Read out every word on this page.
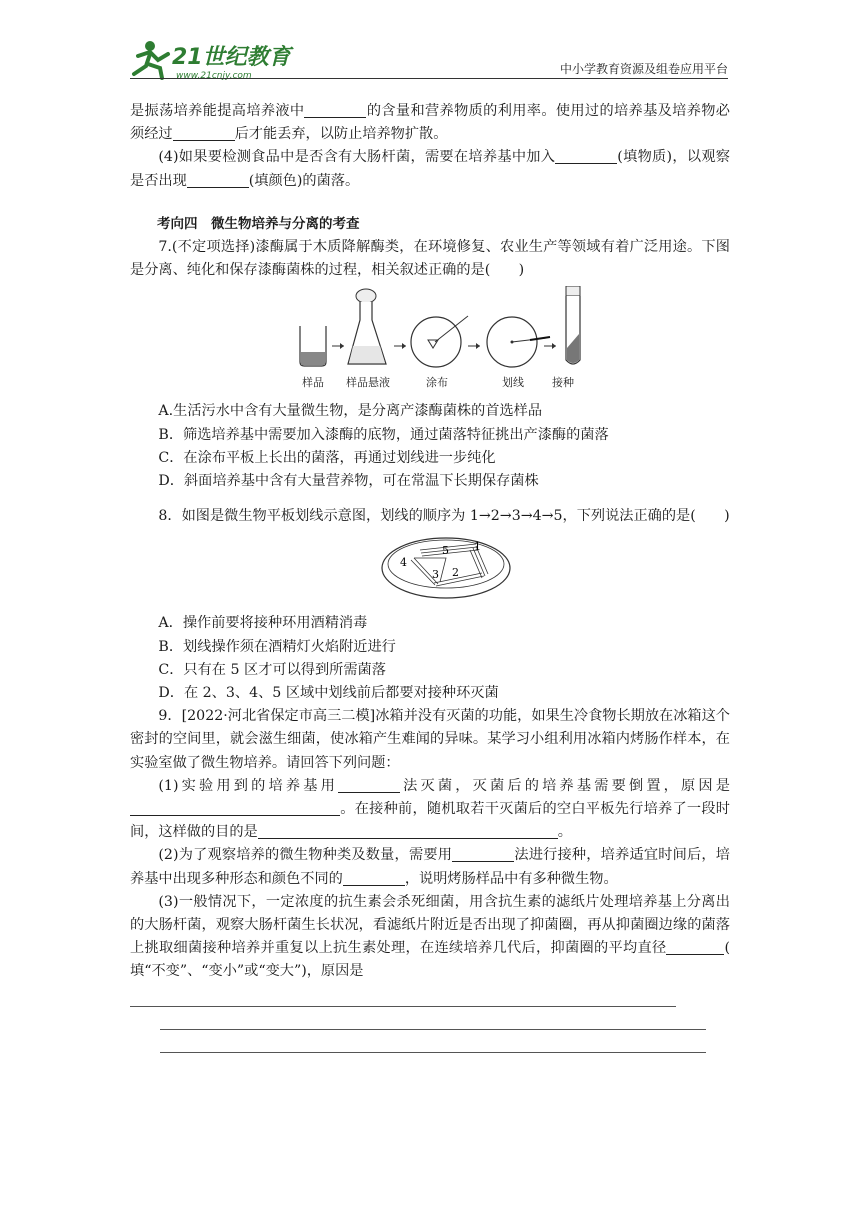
21世纪教育
www.21cnjy.com	中小学教育资源及组卷应用平台

是振荡培养能提高培养液中	的含量和营养物质的利用率。使用过的培养基及培养物必须经过	后才能丢弃，以防止培养物扩散。

(4)如果要检测食品中是否含有大肠杆菌，需要在培养基中加入	(填物质)，以观察是否出现	(填颜色)的菌落。

考向四　微生物培养与分离的考查

7.(不定项选择)漆酶属于木质降解酶类，在环境修复、农业生产等领域有着广泛用途。下图是分离、纯化和保存漆酶菌株的过程，相关叙述正确的是(　　)

样品 样品悬液	涂布	划线	接种

A.生活污水中含有大量微生物，是分离产漆酶菌株的首选样品

B．筛选培养基中需要加入漆酶的底物，通过菌落特征挑出产漆酶的菌落

C．在涂布平板上长出的菌落，再通过划线进一步纯化

D．斜面培养基中含有大量营养物，可在常温下长期保存菌株

8．如图是微生物平板划线示意图，划线的顺序为 1→2→3→4→5，下列说法正确的是(　　)

1
2
3
4
5

A．操作前要将接种环用酒精消毒

B．划线操作须在酒精灯火焰附近进行

C．只有在 5 区才可以得到所需菌落

D．在 2、3、4、5 区域中划线前后都要对接种环灭菌

9．[2022·河北省保定市高三二模]冰箱并没有灭菌的功能，如果生冷食物长期放在冰箱这个密封的空间里，就会滋生细菌，使冰箱产生难闻的异味。某学习小组利用冰箱内烤肠作样本，在实验室做了微生物培养。请回答下列问题：

(1)实验用到的培养基用	法灭菌，灭菌后的培养基需要倒置，原因是。在接种前，随机取若干灭菌后的空白平板先行培养了一段时间，这样做的目的是	。

(2)为了观察培养的微生物种类及数量，需要用	法进行接种，培养适宜时间后，培养基中出现多种形态和颜色不同的	，说明烤肠样品中有多种微生物。

(3)一般情况下，一定浓度的抗生素会杀死细菌，用含抗生素的滤纸片处理培养基上分离出的大肠杆菌，观察大肠杆菌生长状况，看滤纸片附近是否出现了抑菌圈，再从抑菌圈边缘的菌落上挑取细菌接种培养并重复以上抗生素处理，在连续培养几代后，抑菌圈的平均直径	( 填“不变”、“变小”或“变大”)，原因是
